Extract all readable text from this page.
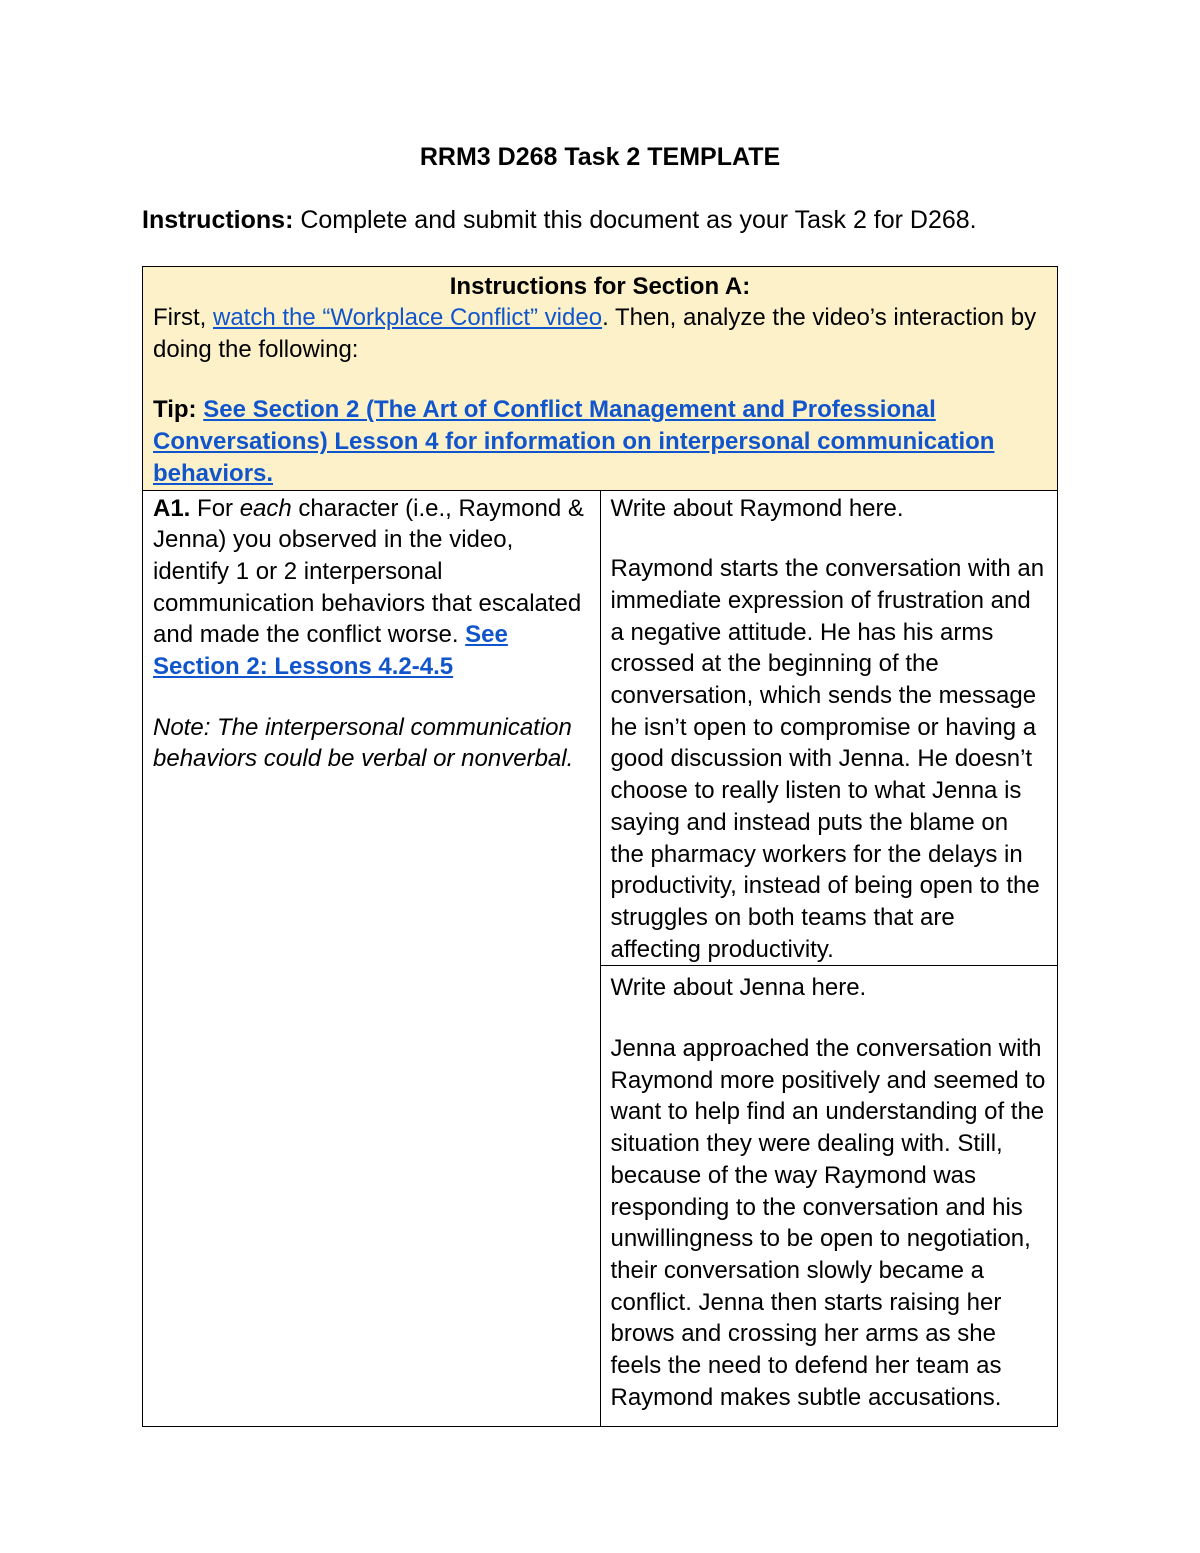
RRM3 D268 Task 2 TEMPLATE
Instructions: Complete and submit this document as your Task 2 for D268.
Instructions for Section A:
First, watch the “Workplace Conflict” video. Then, analyze the video’s interaction by doing the following:
Tip: See Section 2 (The Art of Conflict Management and Professional Conversations) Lesson 4 for information on interpersonal communication behaviors.

A1. For each character (i.e., Raymond & Jenna) you observed in the video, identify 1 or 2 interpersonal communication behaviors that escalated and made the conflict worse. See Section 2: Lessons 4.2-4.5
Note: The interpersonal communication behaviors could be verbal or nonverbal.

Write about Raymond here.
Raymond starts the conversation with an immediate expression of frustration and a negative attitude. He has his arms crossed at the beginning of the conversation, which sends the message he isn’t open to compromise or having a good discussion with Jenna. He doesn’t choose to really listen to what Jenna is saying and instead puts the blame on the pharmacy workers for the delays in productivity, instead of being open to the struggles on both teams that are affecting productivity.

Write about Jenna here.
Jenna approached the conversation with Raymond more positively and seemed to want to help find an understanding of the situation they were dealing with. Still, because of the way Raymond was responding to the conversation and his unwillingness to be open to negotiation, their conversation slowly became a conflict. Jenna then starts raising her brows and crossing her arms as she feels the need to defend her team as Raymond makes subtle accusations.
